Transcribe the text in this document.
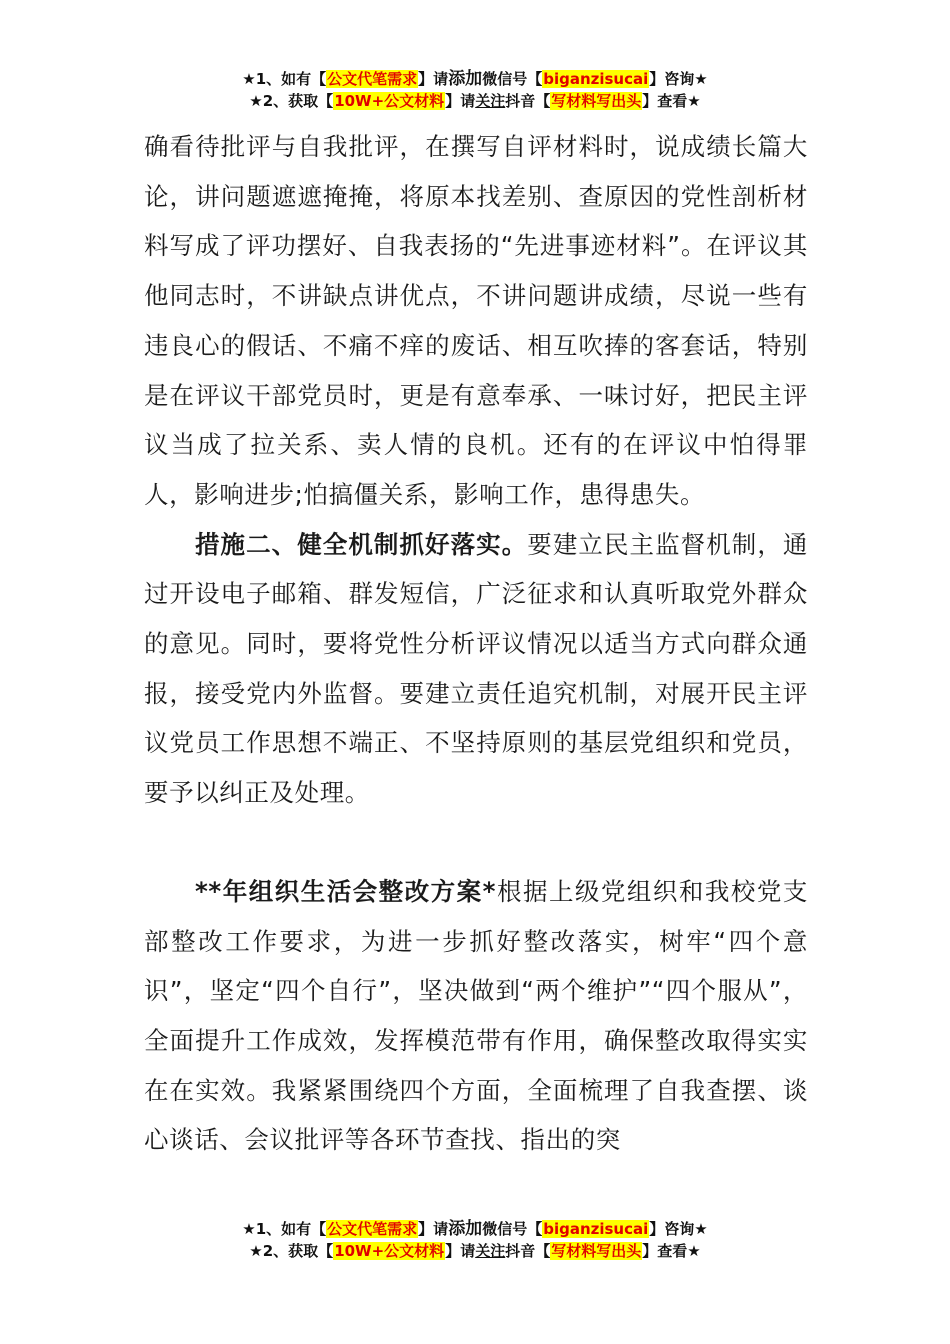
★1、如有【公文代笔需求】请添加微信号【biganzisucai】咨询★
★2、获取【10W+公文材料】请关注抖音【写材料写出头】查看★

确看待批评与自我批评，在撰写自评材料时，说成绩长篇大论，讲问题遮遮掩掩，将原本找差别、查原因的党性剖析材料写成了评功摆好、自我表扬的“先进事迹材料”。在评议其他同志时，不讲缺点讲优点，不讲问题讲成绩，尽说一些有违良心的假话、不痛不痒的废话、相互吹捧的客套话，特别是在评议干部党员时，更是有意奉承、一味讨好，把民主评议当成了拉关系、卖人情的良机。还有的在评议中怕得罪人，影响进步;怕搞僵关系，影响工作，患得患失。

措施二、健全机制抓好落实。要建立民主监督机制，通过开设电子邮箱、群发短信，广泛征求和认真听取党外群众的意见。同时，要将党性分析评议情况以适当方式向群众通报，接受党内外监督。要建立责任追究机制，对展开民主评议党员工作思想不端正、不坚持原则的基层党组织和党员，要予以纠正及处理。

**年组织生活会整改方案*根据上级党组织和我校党支部整改工作要求，为进一步抓好整改落实，树牢“四个意识”，坚定“四个自行”，坚决做到“两个维护”“四个服从”，全面提升工作成效，发挥模范带有作用，确保整改取得实实在在实效。我紧紧围绕四个方面，全面梳理了自我查摆、谈心谈话、会议批评等各环节查找、指出的突

★1、如有【公文代笔需求】请添加微信号【biganzisucai】咨询★
★2、获取【10W+公文材料】请关注抖音【写材料写出头】查看★
